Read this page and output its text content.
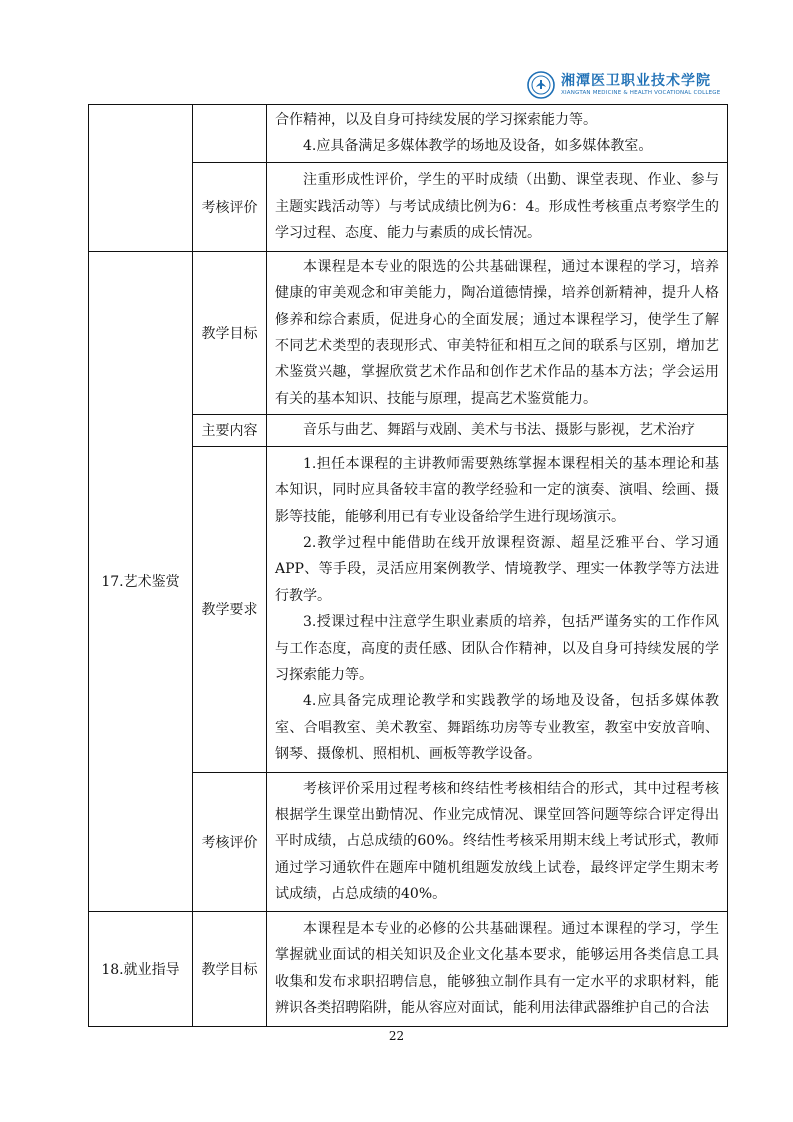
湘潭医卫职业技术学院
XIANGTAN MEDICINE & HEALTH VOCATIONAL COLLEGE

		合作精神，以及自身可持续发展的学习探索能力等。

4.应具备满足多媒体教学的场地及设备，如多媒体教室。

	考核评价	注重形成性评价，学生的平时成绩（出勤、课堂表现、作业、参与主题实践活动等）与考试成绩比例为6：4。形成性考核重点考察学生的学习过程、态度、能力与素质的成长情况。

17.艺术鉴赏	教学目标	本课程是本专业的限选的公共基础课程，通过本课程的学习，培养健康的审美观念和审美能力，陶冶道德情操，培养创新精神，提升人格修养和综合素质，促进身心的全面发展；通过本课程学习，使学生了解不同艺术类型的表现形式、审美特征和相互之间的联系与区别，增加艺术鉴赏兴趣，掌握欣赏艺术作品和创作艺术作品的基本方法；学会运用有关的基本知识、技能与原理，提高艺术鉴赏能力。

	主要内容	音乐与曲艺、舞蹈与戏剧、美术与书法、摄影与影视，艺术治疗

	教学要求	1.担任本课程的主讲教师需要熟练掌握本课程相关的基本理论和基本知识，同时应具备较丰富的教学经验和一定的演奏、演唱、绘画、摄影等技能，能够利用已有专业设备给学生进行现场演示。

2.教学过程中能借助在线开放课程资源、超星泛雅平台、学习通APP、等手段，灵活应用案例教学、情境教学、理实一体教学等方法进行教学。

3.授课过程中注意学生职业素质的培养，包括严谨务实的工作作风与工作态度，高度的责任感、团队合作精神，以及自身可持续发展的学习探索能力等。

4.应具备完成理论教学和实践教学的场地及设备，包括多媒体教室、合唱教室、美术教室、舞蹈练功房等专业教室，教室中安放音响、钢琴、摄像机、照相机、画板等教学设备。

	考核评价	考核评价采用过程考核和终结性考核相结合的形式，其中过程考核根据学生课堂出勤情况、作业完成情况、课堂回答问题等综合评定得出平时成绩，占总成绩的60%。终结性考核采用期末线上考试形式，教师通过学习通软件在题库中随机组题发放线上试卷，最终评定学生期末考试成绩，占总成绩的40%。

18.就业指导	教学目标	本课程是本专业的必修的公共基础课程。通过本课程的学习，学生掌握就业面试的相关知识及企业文化基本要求，能够运用各类信息工具收集和发布求职招聘信息，能够独立制作具有一定水平的求职材料，能辨识各类招聘陷阱，能从容应对面试，能利用法律武器维护自己的合法

22
